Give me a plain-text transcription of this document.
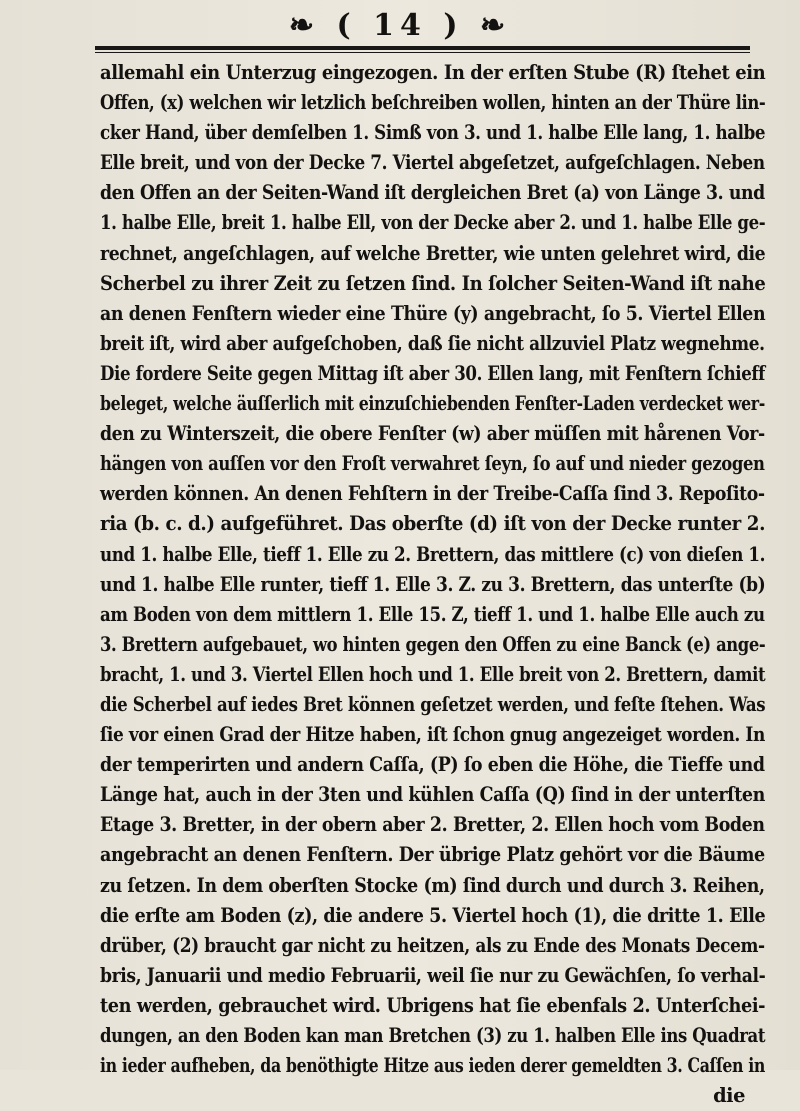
❧ ( 14 ) ❧
allemahl ein Unterzug eingezogen. In der erſten Stube (R) ſtehet ein
Offen, (x) welchen wir letzlich beſchreiben wollen, hinten an der Thüre lin-
cker Hand, über demſelben 1. Simß von 3. und 1. halbe Elle lang, 1. halbe
Elle breit, und von der Decke 7. Viertel abgeſetzet, aufgeſchlagen. Neben
den Offen an der Seiten-Wand iſt dergleichen Bret (a) von Länge 3. und
1. halbe Elle, breit 1. halbe Ell, von der Decke aber 2. und 1. halbe Elle ge-
rechnet, angeſchlagen, auf welche Bretter, wie unten gelehret wird, die
Scherbel zu ihrer Zeit zu ſetzen ſind. In ſolcher Seiten-Wand iſt nahe
an denen Fenſtern wieder eine Thüre (y) angebracht, ſo 5. Viertel Ellen
breit iſt, wird aber aufgeſchoben, daß ſie nicht allzuviel Platz wegnehme.
Die fordere Seite gegen Mittag iſt aber 30. Ellen lang, mit Fenſtern ſchieff
beleget, welche äuſſerlich mit einzuſchiebenden Fenſter-Laden verdecket wer-
den zu Winterszeit, die obere Fenſter (w) aber müſſen mit hårenen Vor-
hängen von auſſen vor den Froſt verwahret ſeyn, ſo auf und nieder gezogen
werden können. An denen Fehſtern in der Treibe-Caſſa ſind 3. Repoſito-
ria (b. c. d.) aufgeführet. Das oberſte (d) iſt von der Decke runter 2.
und 1. halbe Elle, tieff 1. Elle zu 2. Brettern, das mittlere (c) von dieſen 1.
und 1. halbe Elle runter, tieff 1. Elle 3. Z. zu 3. Brettern, das unterſte (b)
am Boden von dem mittlern 1. Elle 15. Z, tieff 1. und 1. halbe Elle auch zu
3. Brettern aufgebauet, wo hinten gegen den Offen zu eine Banck (e) ange-
bracht, 1. und 3. Viertel Ellen hoch und 1. Elle breit von 2. Brettern, damit
die Scherbel auf iedes Bret können geſetzet werden, und feſte ſtehen. Was
ſie vor einen Grad der Hitze haben, iſt ſchon gnug angezeiget worden. In
der temperirten und andern Caſſa, (P) ſo eben die Höhe, die Tieffe und
Länge hat, auch in der 3ten und kühlen Caſſa (Q) ſind in der unterſten
Etage 3. Bretter, in der obern aber 2. Bretter, 2. Ellen hoch vom Boden
angebracht an denen Fenſtern. Der übrige Platz gehört vor die Bäume
zu ſetzen. In dem oberſten Stocke (m) ſind durch und durch 3. Reihen,
die erſte am Boden (z), die andere 5. Viertel hoch (1), die dritte 1. Elle
drüber, (2) braucht gar nicht zu heitzen, als zu Ende des Monats Decem-
bris, Januarii und medio Februarii, weil ſie nur zu Gewächſen, ſo verhal-
ten werden, gebrauchet wird. Ubrigens hat ſie ebenfals 2. Unterſchei-
dungen, an den Boden kan man Bretchen (3) zu 1. halben Elle ins Quadrat
in ieder aufheben, da benöthigte Hitze aus ieden derer gemeldten 3. Caſſen in
die
